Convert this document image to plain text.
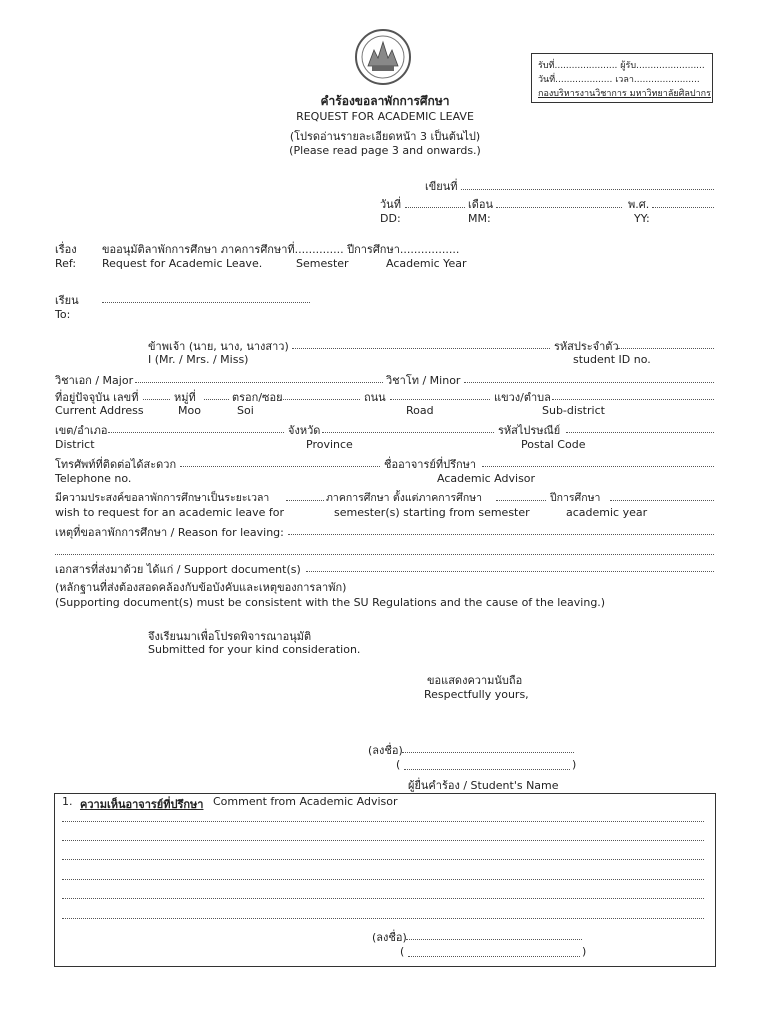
รับที่...................... ผู้รับ........................
วันที่.................... เวลา.......................
กองบริหารงานวิชาการ มหาวิทยาลัยศิลปากร
คำร้องขอลาพักการศึกษา
REQUEST FOR ACADEMIC LEAVE
(โปรดอ่านรายละเอียดหน้า 3 เป็นต้นไป)
(Please read page 3 and onwards.)
เขียนที่
วันที่	เดือน	พ.ศ.
DD:	MM:	YY:
เรื่อง ขออนุมัติลาพักการศึกษา ภาคการศึกษาที่.............. ปีการศึกษา.................
Ref: Request for Academic Leave.	Semester	Academic Year
เรียน
To:
ข้าพเจ้า (นาย, นาง, นางสาว)	รหัสประจำตัว
I (Mr. / Mrs. / Miss)	student ID no.
วิชาเอก / Major	วิชาโท / Minor
ที่อยู่ปัจจุบัน เลขที่	หมู่ที่	ตรอก/ซอย	ถนน	แขวง/ตำบล
Current Address	Moo	Soi	Road	Sub-district
เขต/อำเภอ	จังหวัด	รหัสไปรษณีย์
District	Province	Postal Code
โทรศัพท์ที่ติดต่อได้สะดวก	ชื่ออาจารย์ที่ปรึกษา
Telephone no.	Academic Advisor
มีความประสงค์ขอลาพักการศึกษาเป็นระยะเวลา	ภาคการศึกษา ตั้งแต่ภาคการศึกษา	ปีการศึกษา
wish to request for an academic leave for	semester(s) starting from semester	academic year
เหตุที่ขอลาพักการศึกษา / Reason for leaving:
เอกสารที่ส่งมาด้วย ได้แก่ / Support document(s)
(หลักฐานที่ส่งต้องสอดคล้องกับข้อบังคับและเหตุของการลาพัก)
(Supporting document(s) must be consistent with the SU Regulations and the cause of the leaving.)
จึงเรียนมาเพื่อโปรดพิจารณาอนุมัติ
Submitted for your kind consideration.
ขอแสดงความนับถือ
Respectfully yours,
(ลงชื่อ)
(	)
ผู้ยื่นคำร้อง / Student's Name
1. ความเห็นอาจารย์ที่ปรึกษา Comment from Academic Advisor
(ลงชื่อ)
(	)
